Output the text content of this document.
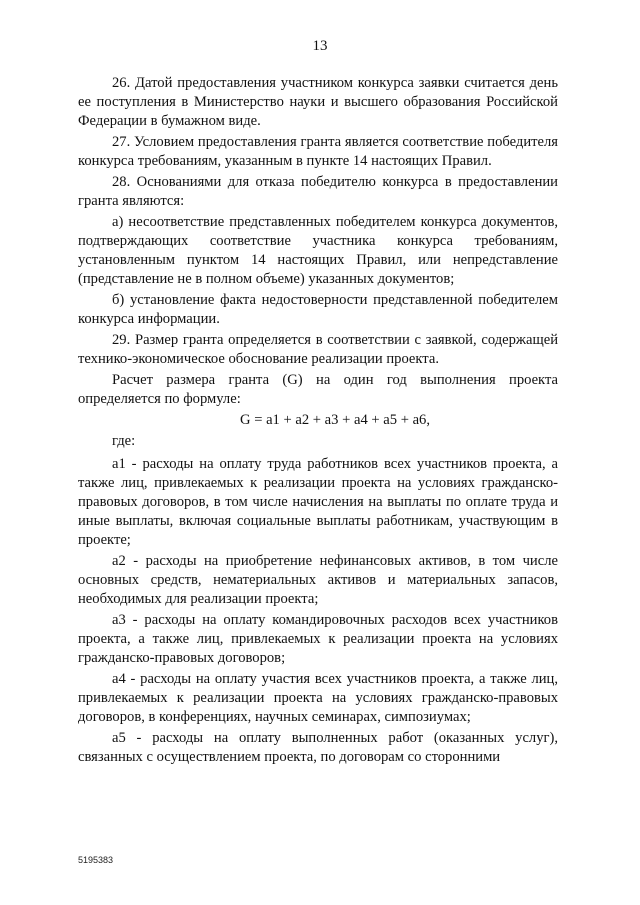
13

26. Датой предоставления участником конкурса заявки считается день ее поступления в Министерство науки и высшего образования Российской Федерации в бумажном виде.

27. Условием предоставления гранта является соответствие победителя конкурса требованиям, указанным в пункте 14 настоящих Правил.

28. Основаниями для отказа победителю конкурса в предоставлении гранта являются:

а) несоответствие представленных победителем конкурса документов, подтверждающих соответствие участника конкурса требованиям, установленным пунктом 14 настоящих Правил, или непредставление (представление не в полном объеме) указанных документов;

б) установление факта недостоверности представленной победителем конкурса информации.

29. Размер гранта определяется в соответствии с заявкой, содержащей технико-экономическое обоснование реализации проекта.

Расчет размера гранта (G) на один год выполнения проекта определяется по формуле:

G = a1 + a2 + a3 + a4 + a5 + a6,

где:

a1 - расходы на оплату труда работников всех участников проекта, а также лиц, привлекаемых к реализации проекта на условиях гражданско-правовых договоров, в том числе начисления на выплаты по оплате труда и иные выплаты, включая социальные выплаты работникам, участвующим в проекте;

а2 - расходы на приобретение нефинансовых активов, в том числе основных средств, нематериальных активов и материальных запасов, необходимых для реализации проекта;

а3 - расходы на оплату командировочных расходов всех участников проекта, а также лиц, привлекаемых к реализации проекта на условиях гражданско-правовых договоров;

а4 - расходы на оплату участия всех участников проекта, а также лиц, привлекаемых к реализации проекта на условиях гражданско-правовых договоров, в конференциях, научных семинарах, симпозиумах;

а5 - расходы на оплату выполненных работ (оказанных услуг), связанных с осуществлением проекта, по договорам со сторонними

5195383
